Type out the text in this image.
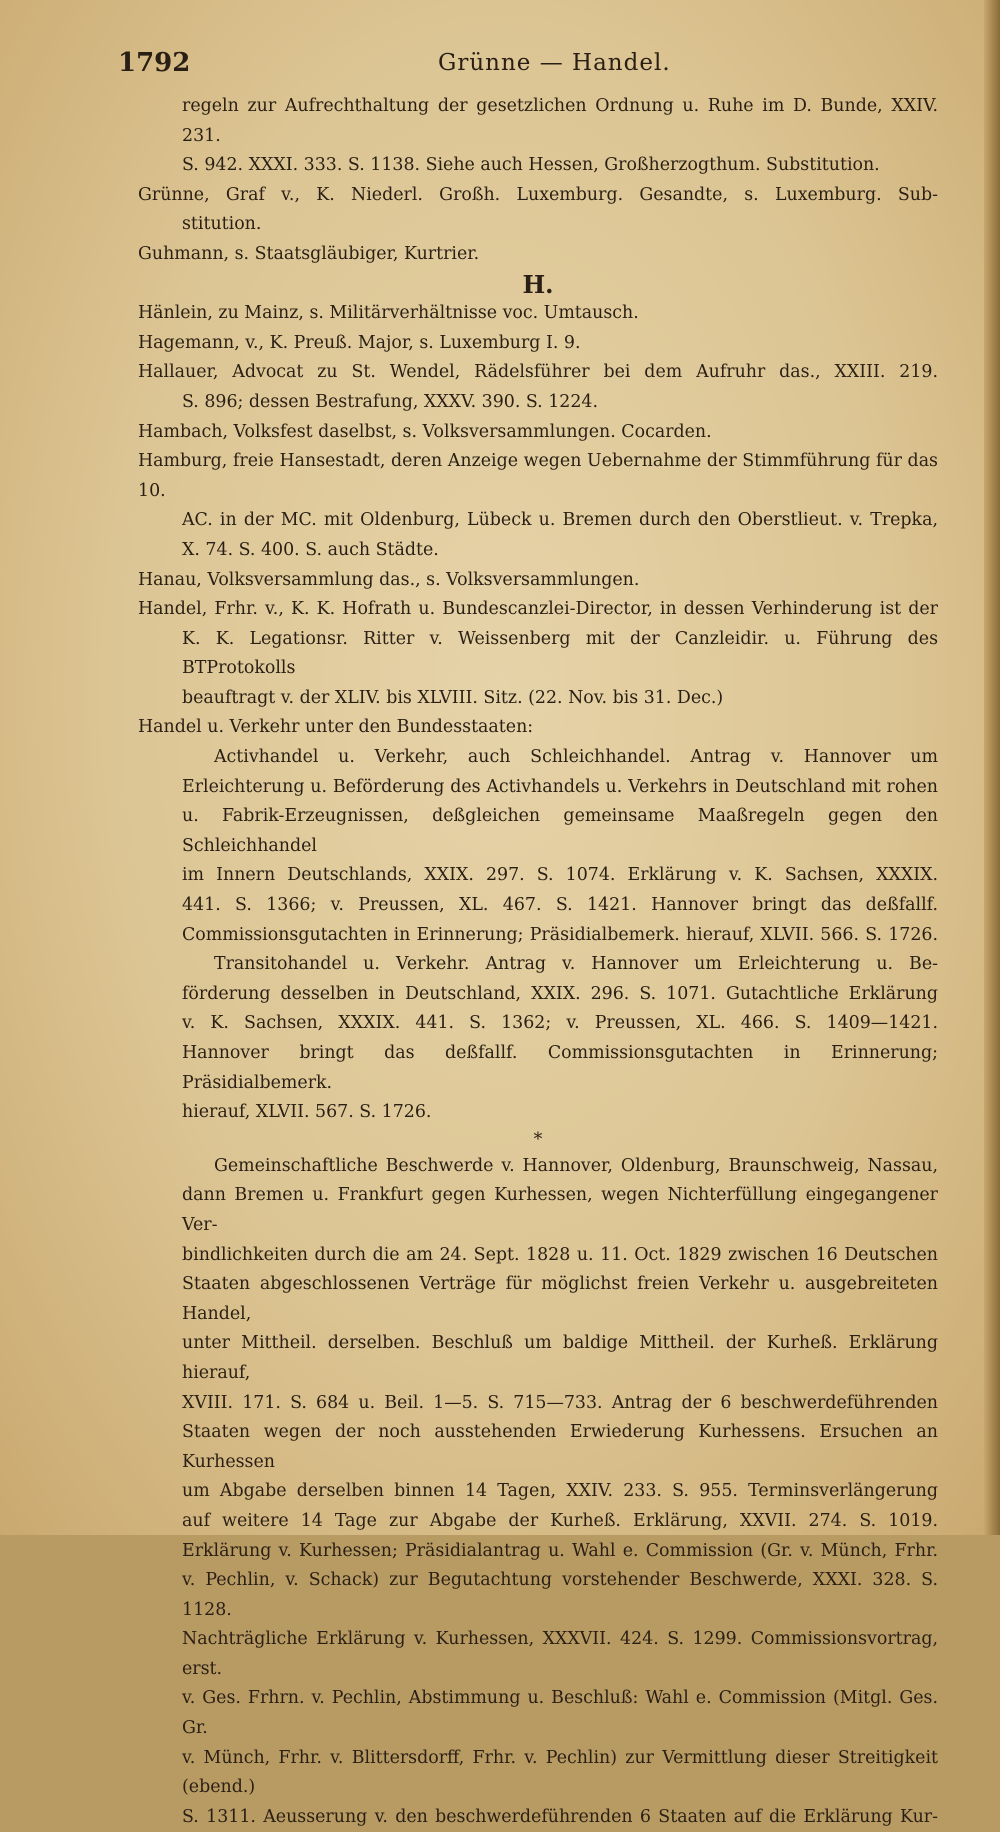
1792	Grünne — Handel.
regeln zur Aufrechthaltung der gesetzlichen Ordnung u. Ruhe im D. Bunde, XXIV. 231.
S. 942. XXXI. 333. S. 1138. Siehe auch Hessen, Großherzogthum. Substitution.
Grünne, Graf v., K. Niederl. Großh. Luxemburg. Gesandte, s. Luxemburg. Sub-
stitution.
Guhmann, s. Staatsgläubiger, Kurtrier.
H.
Hänlein, zu Mainz, s. Militärverhältnisse voc. Umtausch.
Hagemann, v., K. Preuß. Major, s. Luxemburg I. 9.
Hallauer, Advocat zu St. Wendel, Rädelsführer bei dem Aufruhr das., XXIII. 219.
S. 896; dessen Bestrafung, XXXV. 390. S. 1224.
Hambach, Volksfest daselbst, s. Volksversammlungen. Cocarden.
Hamburg, freie Hansestadt, deren Anzeige wegen Uebernahme der Stimmführung für das 10.
AC. in der MC. mit Oldenburg, Lübeck u. Bremen durch den Oberstlieut. v. Trepka,
X. 74. S. 400. S. auch Städte.
Hanau, Volksversammlung das., s. Volksversammlungen.
Handel, Frhr. v., K. K. Hofrath u. Bundescanzlei-Director, in dessen Verhinderung ist der
K. K. Legationsr. Ritter v. Weissenberg mit der Canzleidir. u. Führung des BTProtokolls
beauftragt v. der XLIV. bis XLVIII. Sitz. (22. Nov. bis 31. Dec.)
Handel u. Verkehr unter den Bundesstaaten:
Activhandel u. Verkehr, auch Schleichhandel. Antrag v. Hannover um
Erleichterung u. Beförderung des Activhandels u. Verkehrs in Deutschland mit rohen
u. Fabrik-Erzeugnissen, deßgleichen gemeinsame Maaßregeln gegen den Schleichhandel
im Innern Deutschlands, XXIX. 297. S. 1074. Erklärung v. K. Sachsen, XXXIX.
441. S. 1366; v. Preussen, XL. 467. S. 1421. Hannover bringt das deßfallf.
Commissionsgutachten in Erinnerung; Präsidialbemerk. hierauf, XLVII. 566. S. 1726.
Transitohandel u. Verkehr. Antrag v. Hannover um Erleichterung u. Be-
förderung desselben in Deutschland, XXIX. 296. S. 1071. Gutachtliche Erklärung
v. K. Sachsen, XXXIX. 441. S. 1362; v. Preussen, XL. 466. S. 1409—1421.
Hannover bringt das deßfallf. Commissionsgutachten in Erinnerung; Präsidialbemerk.
hierauf, XLVII. 567. S. 1726.
*
Gemeinschaftliche Beschwerde v. Hannover, Oldenburg, Braunschweig, Nassau,
dann Bremen u. Frankfurt gegen Kurhessen, wegen Nichterfüllung eingegangener Ver-
bindlichkeiten durch die am 24. Sept. 1828 u. 11. Oct. 1829 zwischen 16 Deutschen
Staaten abgeschlossenen Verträge für möglichst freien Verkehr u. ausgebreiteten Handel,
unter Mittheil. derselben. Beschluß um baldige Mittheil. der Kurheß. Erklärung hierauf,
XVIII. 171. S. 684 u. Beil. 1—5. S. 715—733. Antrag der 6 beschwerdeführenden
Staaten wegen der noch ausstehenden Erwiederung Kurhessens. Ersuchen an Kurhessen
um Abgabe derselben binnen 14 Tagen, XXIV. 233. S. 955. Terminsverlängerung
auf weitere 14 Tage zur Abgabe der Kurheß. Erklärung, XXVII. 274. S. 1019.
Erklärung v. Kurhessen; Präsidialantrag u. Wahl e. Commission (Gr. v. Münch, Frhr.
v. Pechlin, v. Schack) zur Begutachtung vorstehender Beschwerde, XXXI. 328. S. 1128.
Nachträgliche Erklärung v. Kurhessen, XXXVII. 424. S. 1299. Commissionsvortrag, erst.
v. Ges. Frhrn. v. Pechlin, Abstimmung u. Beschluß: Wahl e. Commission (Mitgl. Ges. Gr.
v. Münch, Frhr. v. Blittersdorff, Frhr. v. Pechlin) zur Vermittlung dieser Streitigkeit (ebend.)
S. 1311. Aeusserung v. den beschwerdeführenden 6 Staaten auf die Erklärung Kur-
